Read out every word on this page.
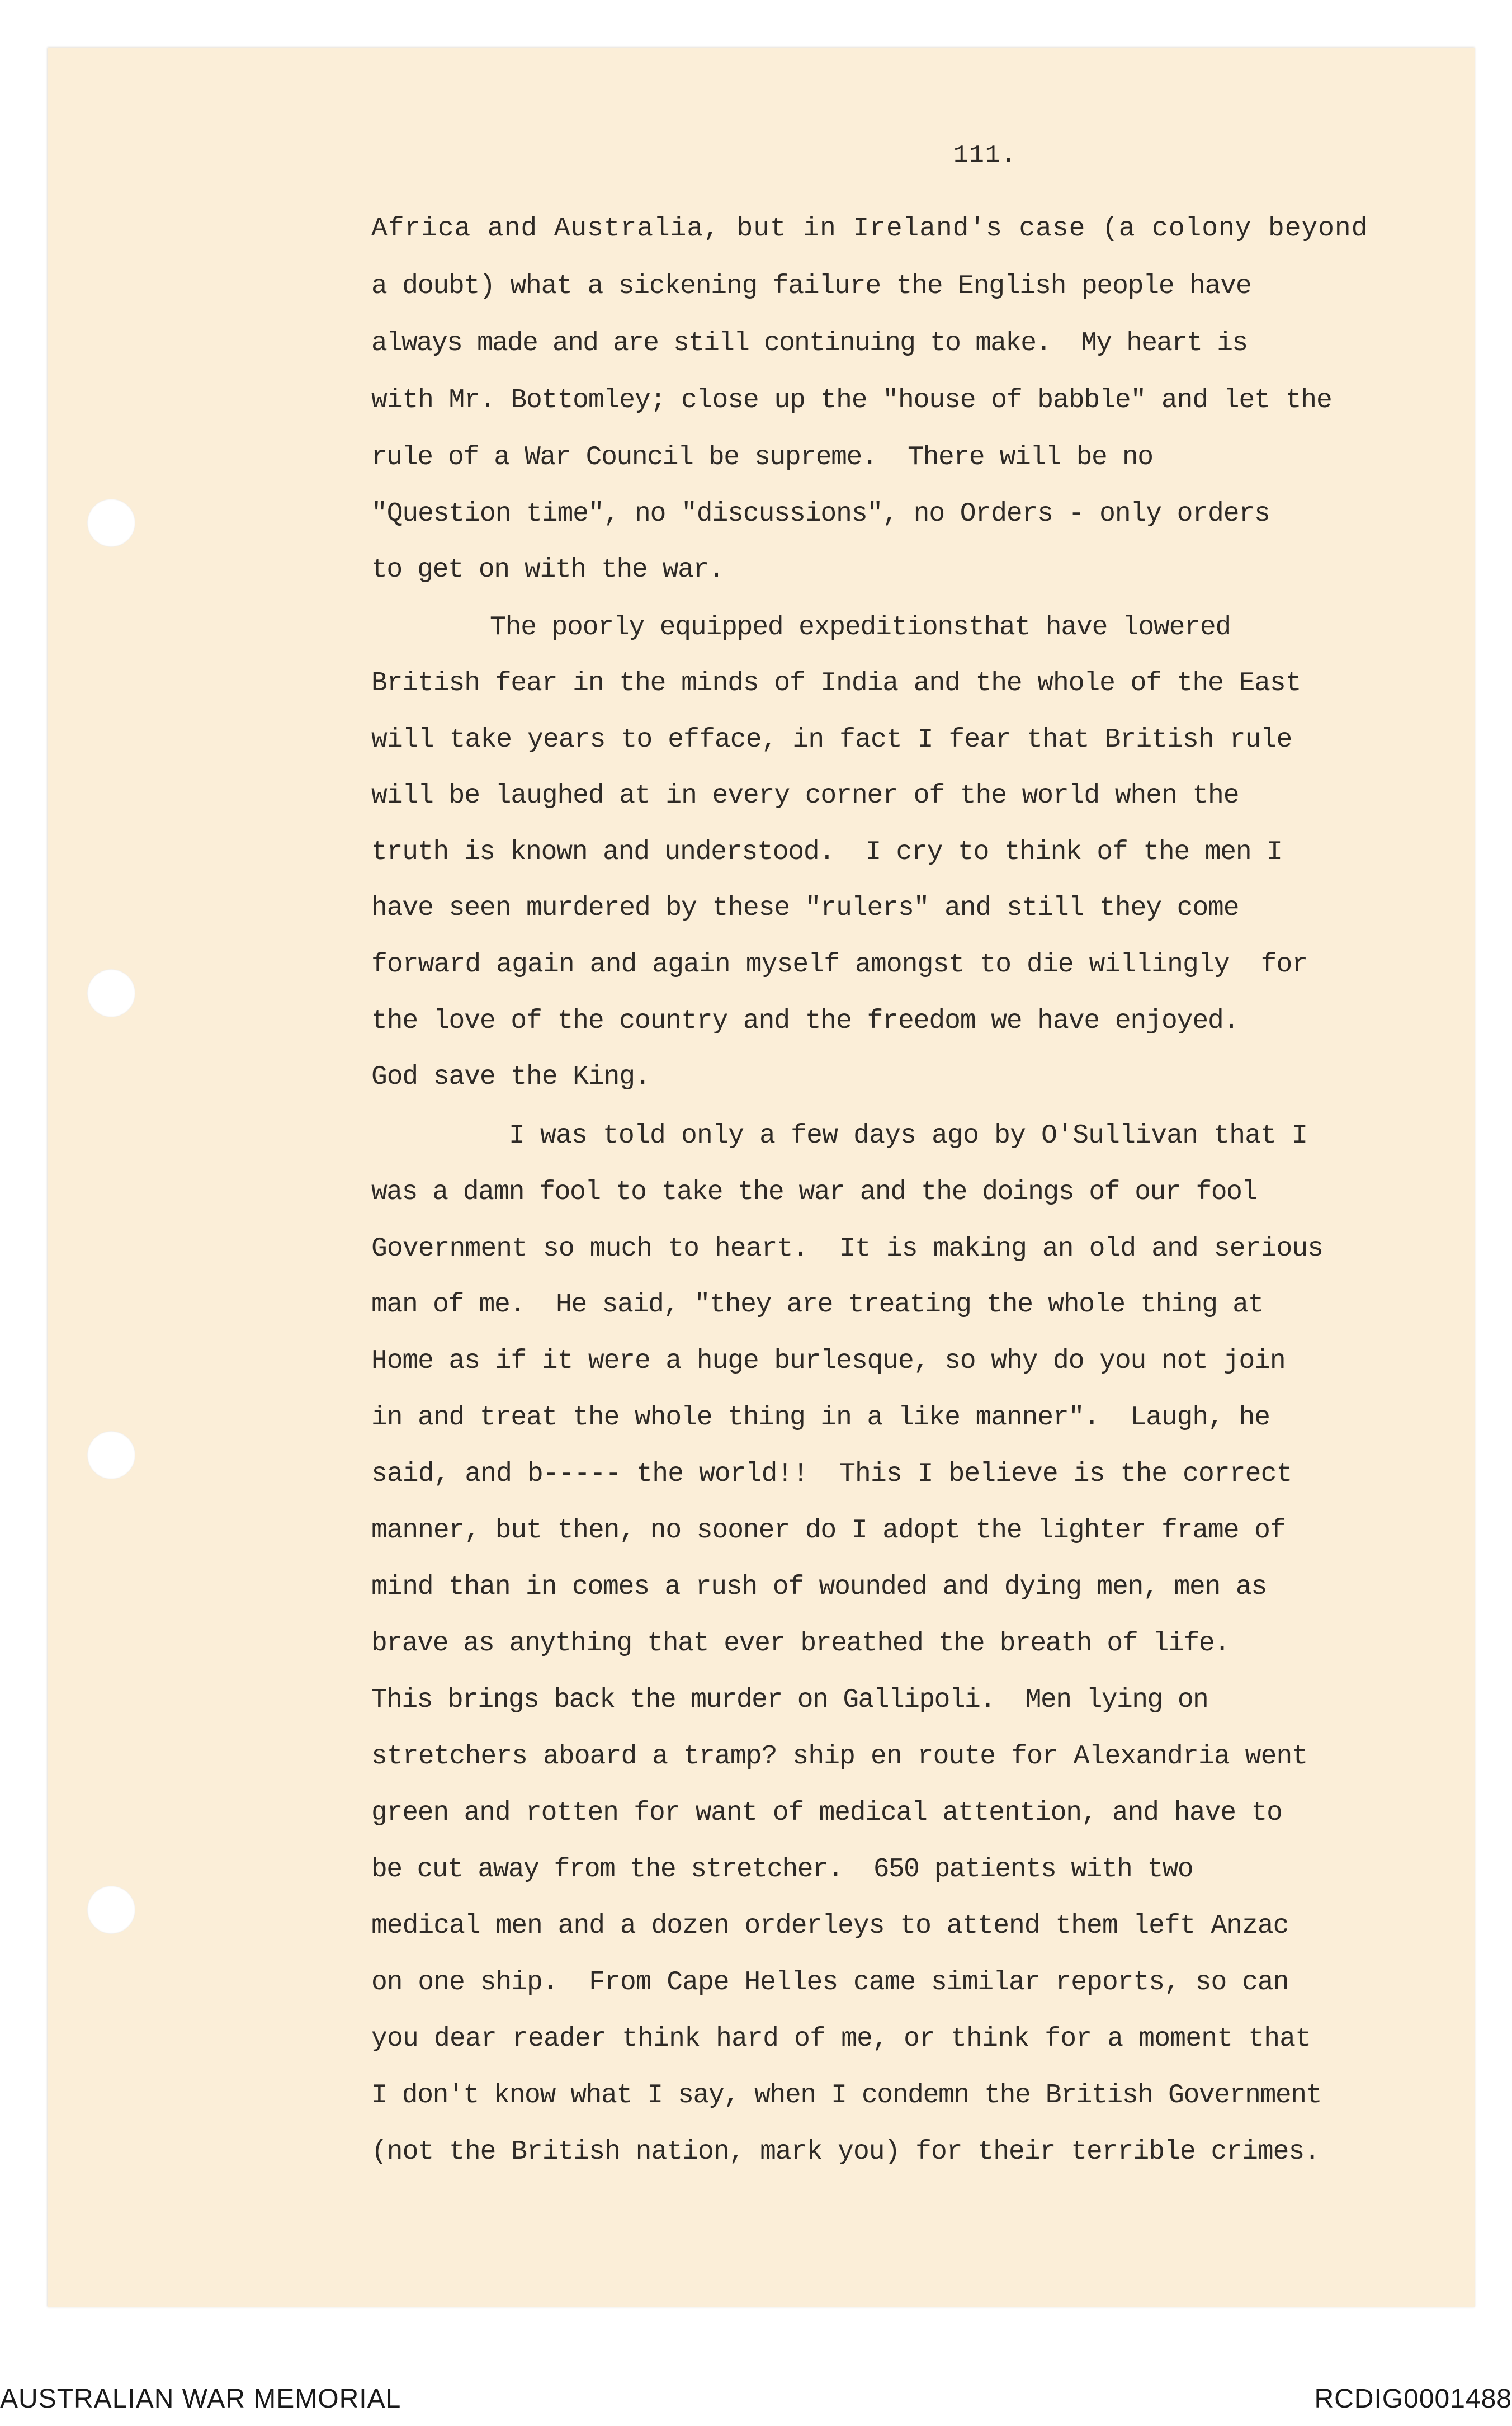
111.
Africa and Australia, but in Ireland's case (a colony beyond
a doubt) what a sickening failure the English people have
always made and are still continuing to make.  My heart is
with Mr. Bottomley; close up the "house of babble" and let the
rule of a War Council be supreme.  There will be no
"Question time", no "discussions", no Orders - only orders
to get on with the war.
The poorly equipped expeditionsthat have lowered
British fear in the minds of India and the whole of the East
will take years to efface, in fact I fear that British rule
will be laughed at in every corner of the world when the
truth is known and understood.  I cry to think of the men I
have seen murdered by these "rulers" and still they come
forward again and again myself amongst to die willingly  for
the love of the country and the freedom we have enjoyed.
God save the King.
I was told only a few days ago by O'Sullivan that I
was a damn fool to take the war and the doings of our fool
Government so much to heart.  It is making an old and serious
man of me.  He said, "they are treating the whole thing at
Home as if it were a huge burlesque, so why do you not join
in and treat the whole thing in a like manner".  Laugh, he
said, and b----- the world!!  This I believe is the correct
manner, but then, no sooner do I adopt the lighter frame of
mind than in comes a rush of wounded and dying men, men as
brave as anything that ever breathed the breath of life.
This brings back the murder on Gallipoli.  Men lying on
stretchers aboard a tramp? ship en route for Alexandria went
green and rotten for want of medical attention, and have to
be cut away from the stretcher.  650 patients with two
medical men and a dozen orderleys to attend them left Anzac
on one ship.  From Cape Helles came similar reports, so can
you dear reader think hard of me, or think for a moment that
I don't know what I say, when I condemn the British Government
(not the British nation, mark you) for their terrible crimes.
AUSTRALIAN WAR MEMORIAL	RCDIG0001488
